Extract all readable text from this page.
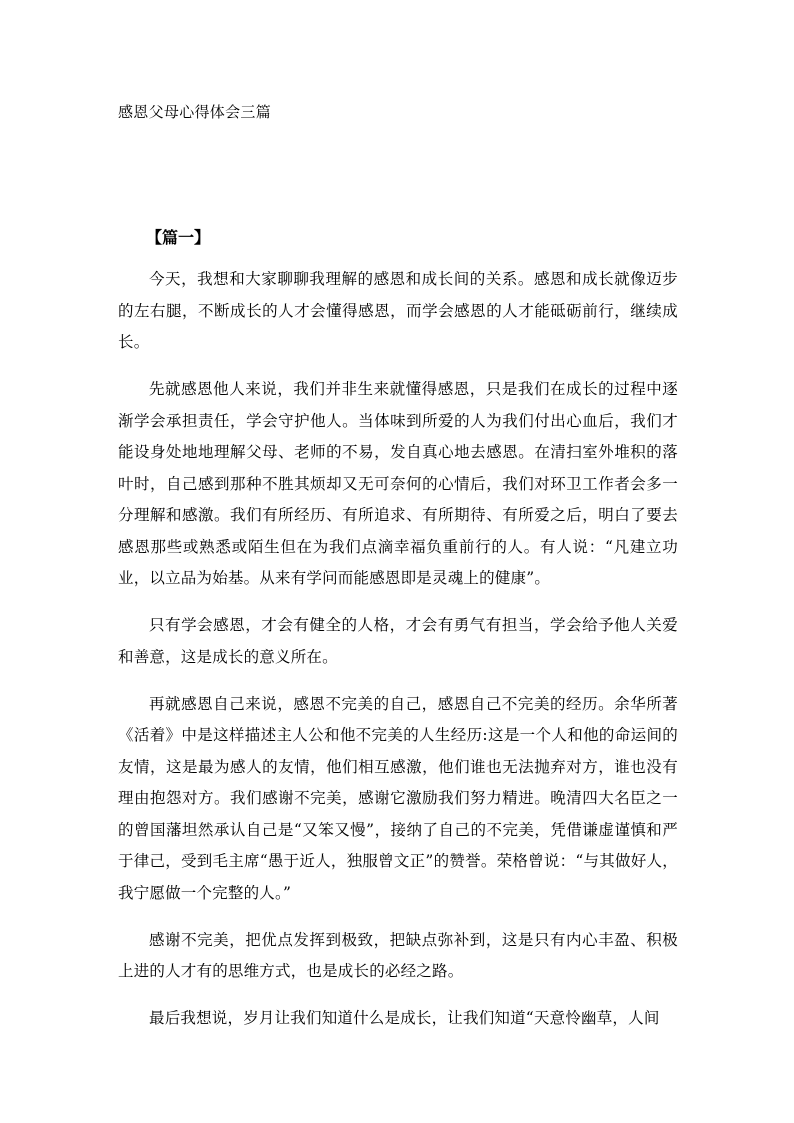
感恩父母心得体会三篇
【篇一】

今天，我想和大家聊聊我理解的感恩和成长间的关系。感恩和成长就像迈步的左右腿，不断成长的人才会懂得感恩，而学会感恩的人才能砥砺前行，继续成长。

先就感恩他人来说，我们并非生来就懂得感恩，只是我们在成长的过程中逐渐学会承担责任，学会守护他人。当体味到所爱的人为我们付出心血后，我们才能设身处地地理解父母、老师的不易，发自真心地去感恩。在清扫室外堆积的落叶时，自己感到那种不胜其烦却又无可奈何的心情后，我们对环卫工作者会多一分理解和感激。我们有所经历、有所追求、有所期待、有所爱之后，明白了要去感恩那些或熟悉或陌生但在为我们点滴幸福负重前行的人。有人说：“凡建立功业，以立品为始基。从来有学问而能感恩即是灵魂上的健康”。

只有学会感恩，才会有健全的人格，才会有勇气有担当，学会给予他人关爱和善意，这是成长的意义所在。

再就感恩自己来说，感恩不完美的自己，感恩自己不完美的经历。余华所著《活着》中是这样描述主人公和他不完美的人生经历:这是一个人和他的命运间的友情，这是最为感人的友情，他们相互感激，他们谁也无法抛弃对方，谁也没有理由抱怨对方。我们感谢不完美，感谢它激励我们努力精进。晚清四大名臣之一的曾国藩坦然承认自己是“又笨又慢”，接纳了自己的不完美，凭借谦虚谨慎和严于律己，受到毛主席“愚于近人，独服曾文正”的赞誉。荣格曾说：“与其做好人，我宁愿做一个完整的人。”

感谢不完美，把优点发挥到极致，把缺点弥补到，这是只有内心丰盈、积极上进的人才有的思维方式，也是成长的必经之路。

最后我想说，岁月让我们知道什么是成长，让我们知道“天意怜幽草，人间
